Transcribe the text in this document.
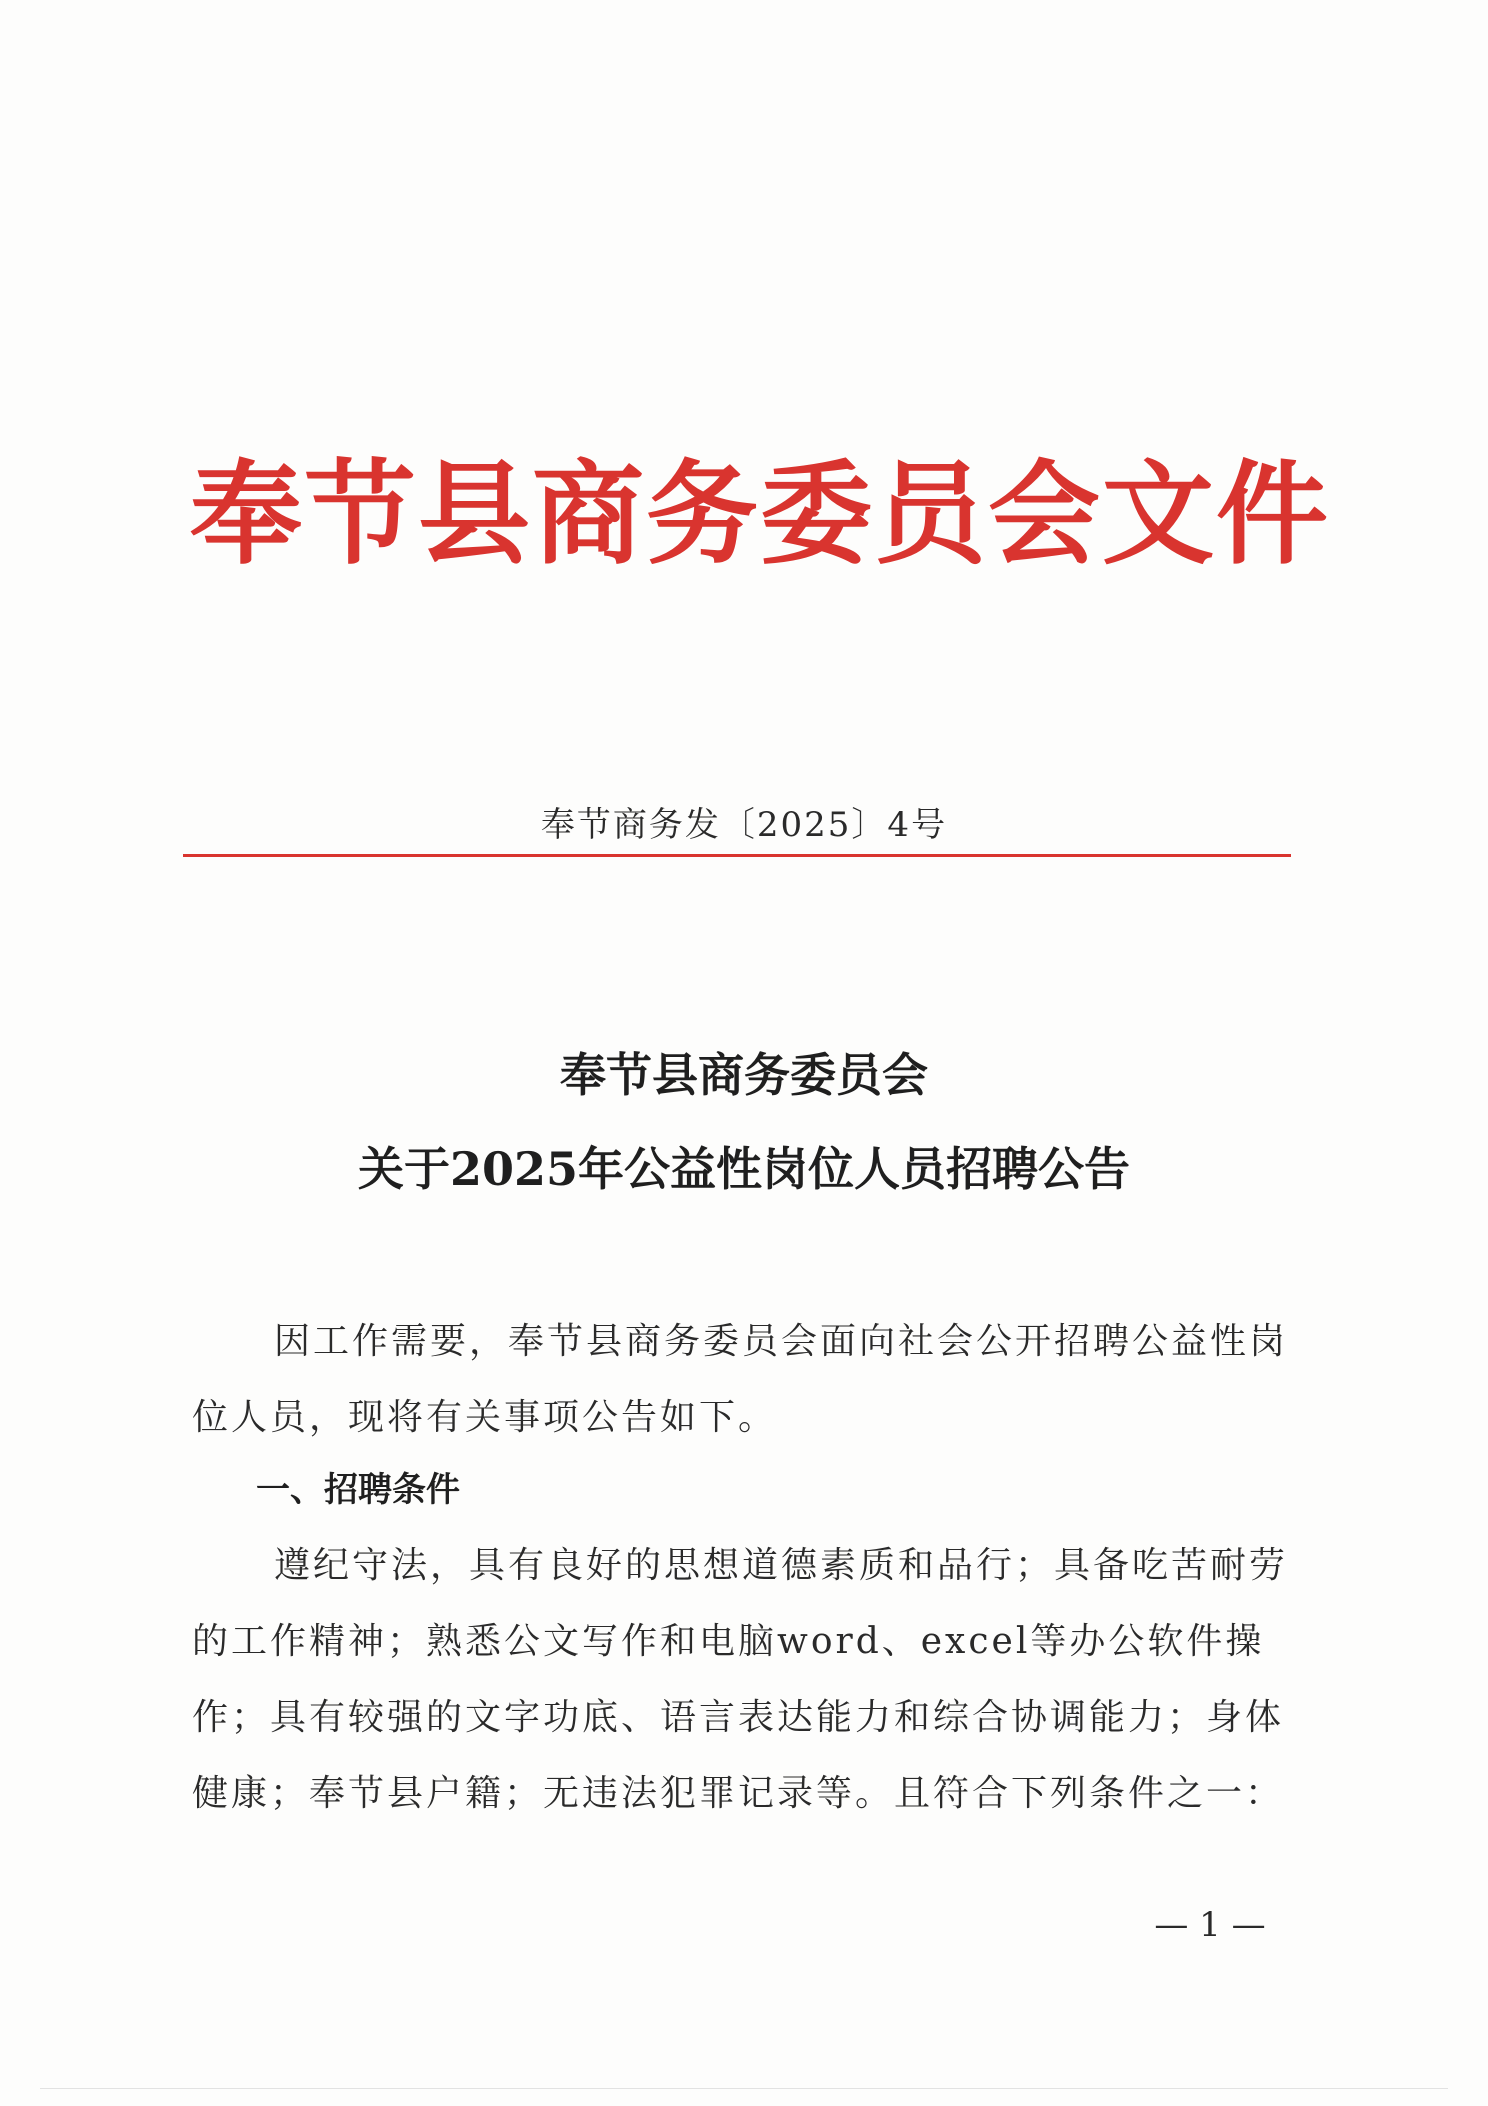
奉节县商务委员会文件
奉节商务发〔2025〕4号
奉节县商务委员会
关于2025年公益性岗位人员招聘公告
因工作需要，奉节县商务委员会面向社会公开招聘公益性岗位人员，现将有关事项公告如下。
一、招聘条件
遵纪守法，具有良好的思想道德素质和品行；具备吃苦耐劳的工作精神；熟悉公文写作和电脑word、excel等办公软件操作；具有较强的文字功底、语言表达能力和综合协调能力；身体健康；奉节县户籍；无违法犯罪记录等。且符合下列条件之一：
— 1 —
